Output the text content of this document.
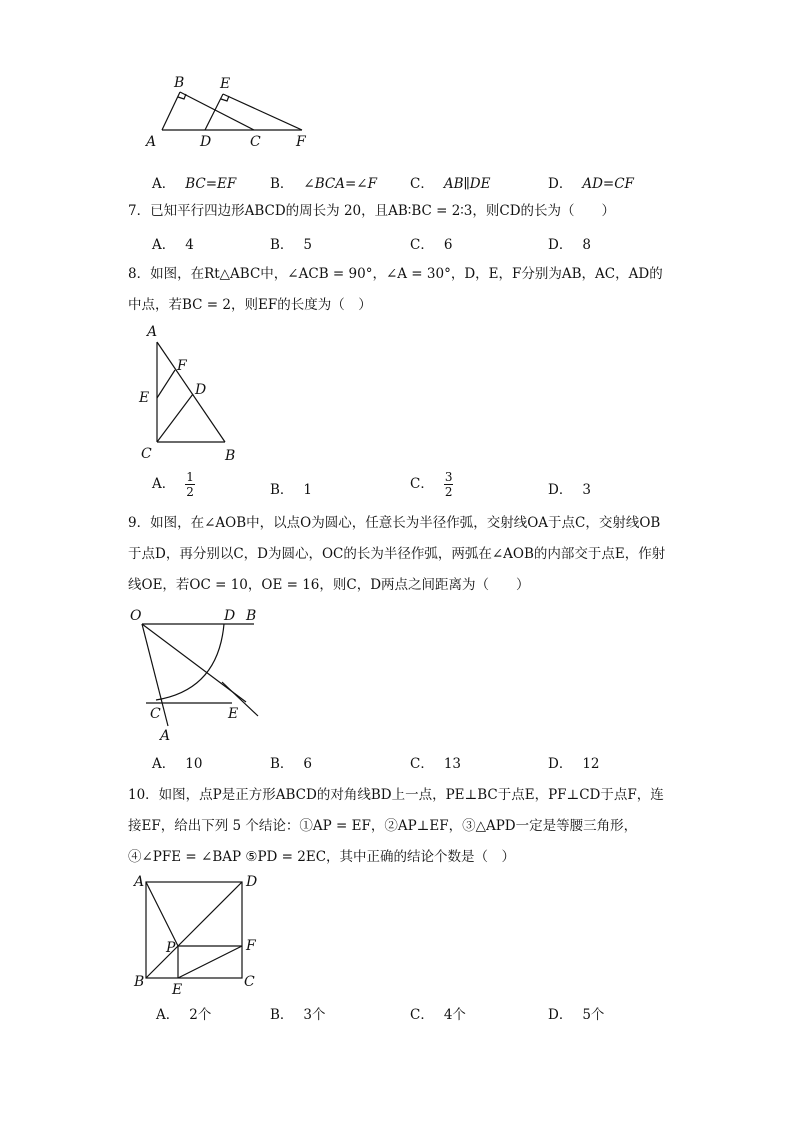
B	E
A	D	C	F
A． BC=EF B． ∠BCA=∠F C． AB∥DE	D． AD=CF
7．已知平行四边形ABCD的周长为 20，且AB∶BC = 2∶3，则CD的长为（　　）
A． 4	B． 5	C． 6	D． 8
8．如图，在Rt△ABC中，∠ACB = 90°，∠A = 30°，D，E，F分别为AB，AC，AD的中点，若BC = 2，则EF的长度为（　）
A
F
D
E
C	B
A． $\frac{1}{2}$	B． 1	C． $\frac{3}{2}$	D． 3
9．如图，在∠AOB中，以点O为圆心，任意长为半径作弧，交射线OA于点C，交射线OB于点D，再分别以C，D为圆心，OC的长为半径作弧，两弧在∠AOB的内部交于点E，作射线OE，若OC = 10，OE = 16，则C，D两点之间距离为（　　）
O	D B
C	E
A
A． 10	B． 6	C． 13	D． 12
10．如图，点P是正方形ABCD的对角线BD上一点，PE⊥BC于点E，PF⊥CD于点F，连接EF，给出下列 5 个结论：①AP = EF，②AP⊥EF，③△APD一定是等腰三角形，④∠PFE = ∠BAP ⑤PD = 2EC，其中正确的结论个数是（　）
A	D
P	F
B E	C
A． 2个	B． 3个	C． 4个	D． 5个
